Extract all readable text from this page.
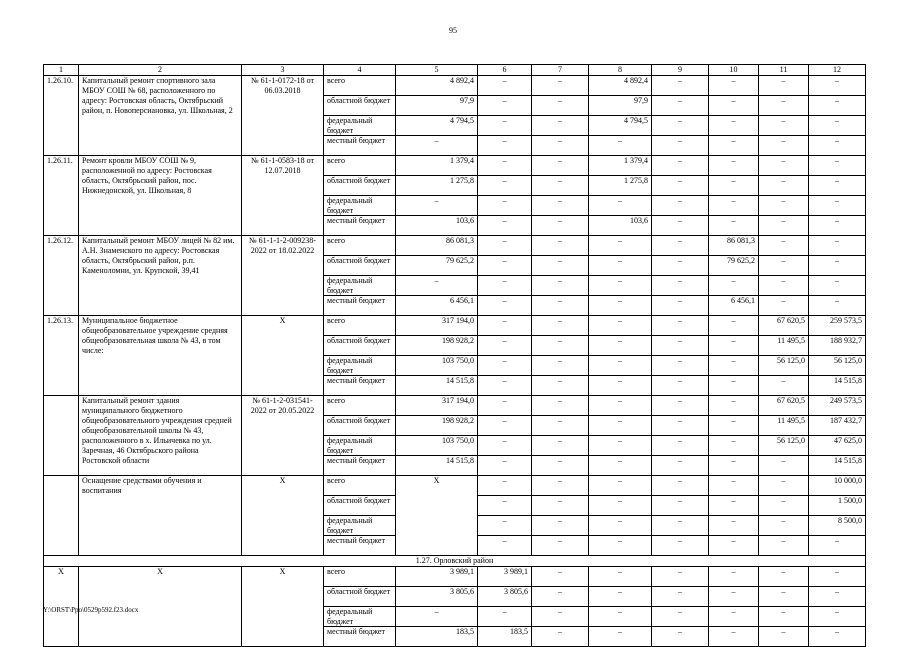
95
1	2	3	4	5	6	7	8	9	10	11	12
1.26.10.	Капитальный ремонт спортивного зала МБОУ СОШ № 68, расположенного по адресу: Ростовская область, Октябрьский район, п. Новоперсиановка, ул. Школьная, 2	№ 61-1-0172-18 от 06.03.2018	всего	4 892,4	–	–	4 892,4	–	–	–	–
			областной бюджет	97,9	–	–	97,9	–	–	–	–
			федеральный бюджет	4 794,5	–	–	4 794,5	–	–	–	–
			местный бюджет	–	–	–	–	–	–	–	–
1.26.11.	Ремонт кровли МБОУ СОШ № 9, расположенной по адресу: Ростовская область, Октябрьский район, пос. Нижнедонской, ул. Школьная, 8	№ 61-1-0583-18 от 12.07.2018	всего	1 379,4	–	–	1 379,4	–	–	–	–
			областной бюджет	1 275,8	–	–	1 275,8	–	–	–	–
			федеральный бюджет	–	–	–	–	–	–	–	–
			местный бюджет	103,6	–	–	103,6	–	–	–	–
1.26.12.	Капитальный ремонт МБОУ лицей № 82 им. А.Н. Знаменского по адресу: Ростовская область, Октябрьский район, р.п. Каменоломни, ул. Крупской, 39,41	№ 61-1-1-2-009238-2022 от 18.02.2022	всего	86 081,3	–	–	–	–	86 081,3	–	–
			областной бюджет	79 625,2	–	–	–	–	79 625,2	–	–
			федеральный бюджет	–	–	–	–	–	–	–	–
			местный бюджет	6 456,1	–	–	–	–	6 456,1	–	–
1.26.13.	Муниципальное бюджетное общеобразовательное учреждение средняя общеобразовательная школа № 43, в том числе:	Х	всего	317 194,0	–	–	–	–	–	67 620,5	259 573,5
			областной бюджет	198 928,2	–	–	–	–	–	11 495,5	188 932,7
			федеральный бюджет	103 750,0	–	–	–	–	–	56 125,0	56 125,0
			местный бюджет	14 515,8	–	–	–	–	–	–	14 515,8
	Капитальный ремонт здания муниципального бюджетного общеобразовательного учреждения средней общеобразовательной школы № 43, расположенного в х. Ильичевка по ул. Заречная, 46 Октябрьского района Ростовской области	№ 61-1-2-031541-2022 от 20.05.2022	всего	317 194,0	–	–	–	–	–	67 620,5	249 573,5
			областной бюджет	198 928,2	–	–	–	–	–	11 495,5	187 432,7
			федеральный бюджет	103 750,0	–	–	–	–	–	56 125,0	47 625,0
			местный бюджет	14 515,8	–	–	–	–	–	–	14 515,8
	Оснащение средствами обучения и воспитания	Х	всего	Х	–	–	–	–	–	–	10 000,0
			областной бюджет		–	–	–	–	–	–	1 500,0
			федеральный бюджет		–	–	–	–	–	–	8 500,0
			местный бюджет		–	–	–	–	–	–	–
1.27. Орловский район											
Х	Х	Х	всего	3 989,1	3 989,1	–	–	–	–	–	–
			областной бюджет	3 805,6	3 805,6	–	–	–	–	–	–
			федеральный бюджет	–	–	–	–	–	–	–	–
			местный бюджет	183,5	183,5	–	–	–	–	–	–
Y:\ORST\Ppo\0529p592.f23.docx
